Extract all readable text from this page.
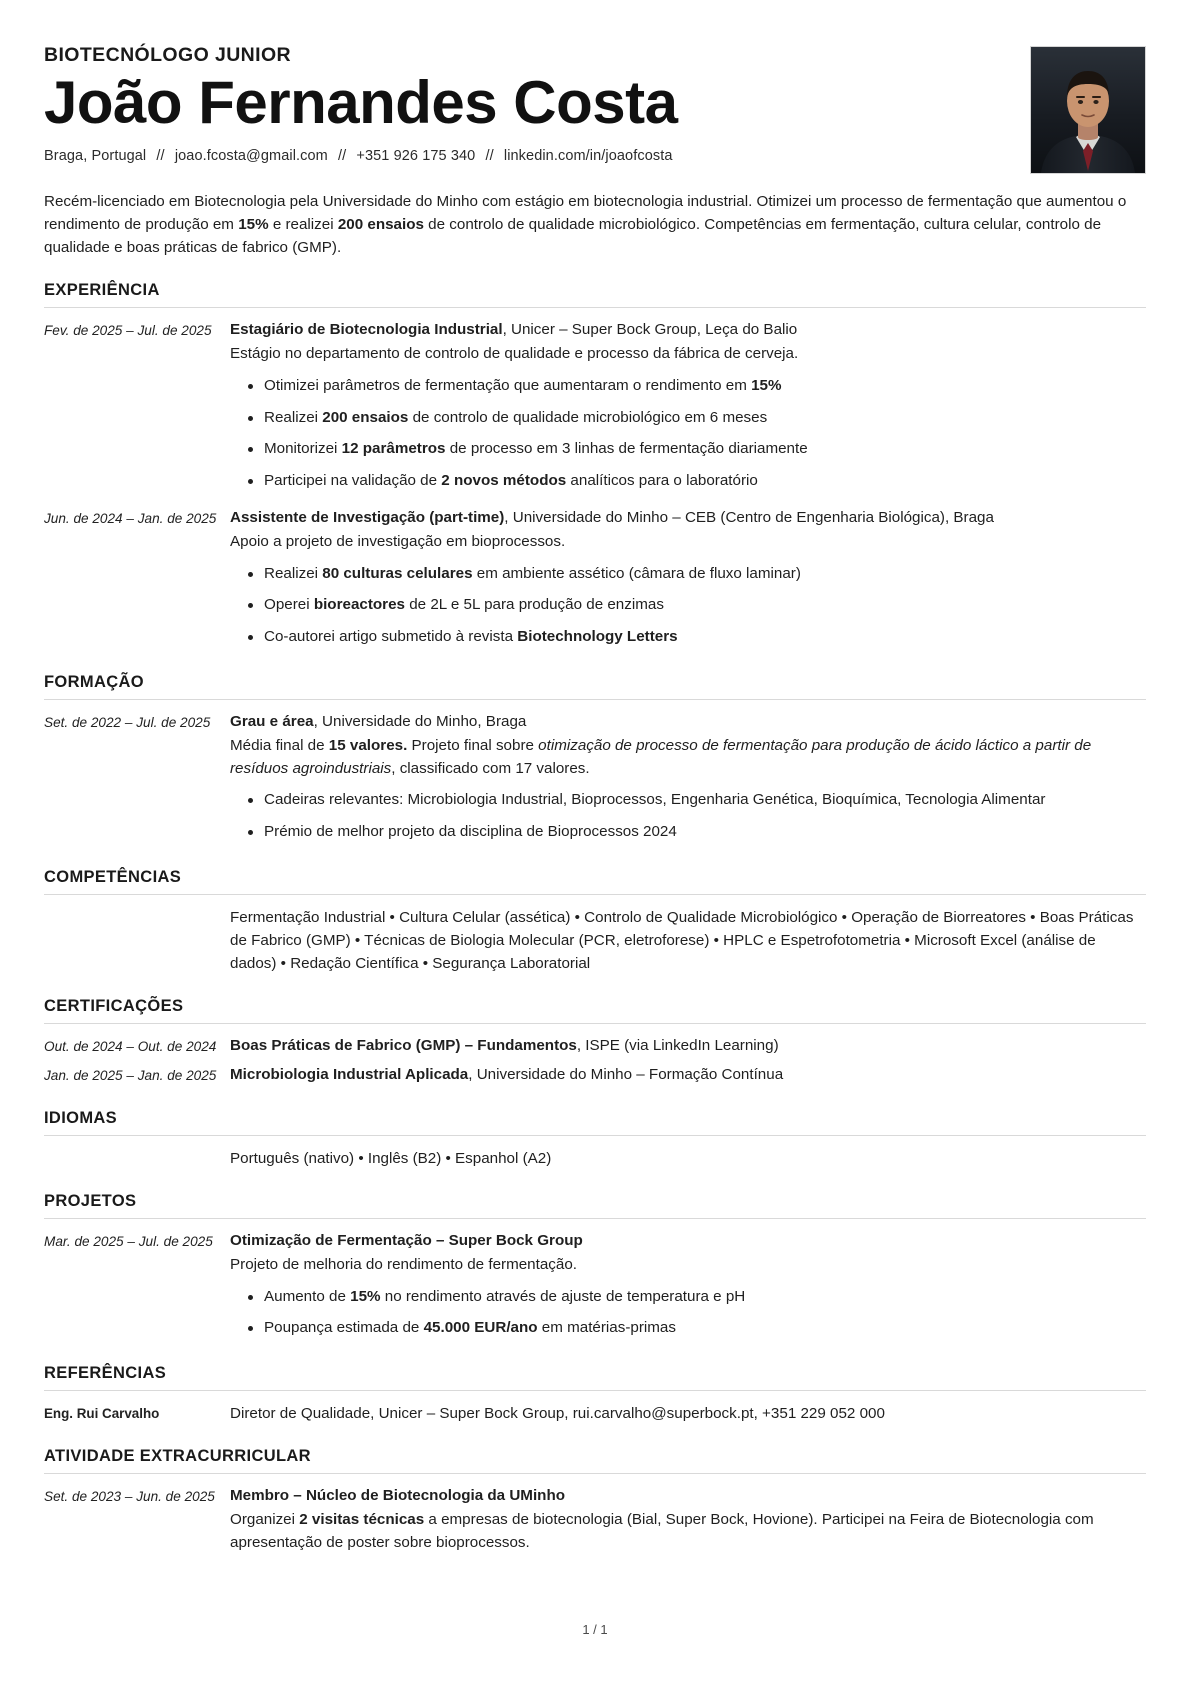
BIOTECNÓLOGO JUNIOR
João Fernandes Costa
Braga, Portugal // joao.fcosta@gmail.com // +351 926 175 340 // linkedin.com/in/joaofcosta

Recém-licenciado em Biotecnologia pela Universidade do Minho com estágio em biotecnologia industrial. Otimizei um processo de fermentação que aumentou o rendimento de produção em 15% e realizei 200 ensaios de controlo de qualidade microbiológico. Competências em fermentação, cultura celular, controlo de qualidade e boas práticas de fabrico (GMP).

EXPERIÊNCIA
Fev. de 2025 – Jul. de 2025	Estagiário de Biotecnologia Industrial, Unicer – Super Bock Group, Leça do Balio

Estágio no departamento de controlo de qualidade e processo da fábrica de cerveja.

Otimizei parâmetros de fermentação que aumentaram o rendimento em 15%
Realizei 200 ensaios de controlo de qualidade microbiológico em 6 meses
Monitorizei 12 parâmetros de processo em 3 linhas de fermentação diariamente
Participei na validação de 2 novos métodos analíticos para o laboratório
Jun. de 2024 – Jan. de 2025 Assistente de Investigação (part-time), Universidade do Minho – CEB (Centro de Engenharia Biológica), Braga

Apoio a projeto de investigação em bioprocessos.

Realizei 80 culturas celulares em ambiente assético (câmara de fluxo laminar)
Operei bioreactores de 2L e 5L para produção de enzimas
Co-autorei artigo submetido à revista Biotechnology Letters
FORMAÇÃO
Set. de 2022 – Jul. de 2025	Grau e área, Universidade do Minho, Braga

Média final de 15 valores. Projeto final sobre otimização de processo de fermentação para produção de ácido láctico a partir de resíduos agroindustriais, classificado com 17 valores.

Cadeiras relevantes: Microbiologia Industrial, Bioprocessos, Engenharia Genética, Bioquímica, Tecnologia Alimentar
Prémio de melhor projeto da disciplina de Bioprocessos 2024
COMPETÊNCIAS
Fermentação Industrial • Cultura Celular (assética) • Controlo de Qualidade Microbiológico • Operação de Biorreatores • Boas Práticas de Fabrico (GMP) • Técnicas de Biologia Molecular (PCR, eletroforese) • HPLC e Espetrofotometria • Microsoft Excel (análise de dados) • Redação Científica • Segurança Laboratorial
CERTIFICAÇÕES
Out. de 2024 – Out. de 2024 Boas Práticas de Fabrico (GMP) – Fundamentos, ISPE (via LinkedIn Learning)

Jan. de 2025 – Jan. de 2025 Microbiologia Industrial Aplicada, Universidade do Minho – Formação Contínua

IDIOMAS
Português (nativo) • Inglês (B2) • Espanhol (A2)
PROJETOS
Mar. de 2025 – Jul. de 2025	Otimização de Fermentação – Super Bock Group

Projeto de melhoria do rendimento de fermentação.

Aumento de 15% no rendimento através de ajuste de temperatura e pH
Poupança estimada de 45.000 EUR/ano em matérias-primas
REFERÊNCIAS
Eng. Rui Carvalho	Diretor de Qualidade, Unicer – Super Bock Group, rui.carvalho@superbock.pt, +351 229 052 000
ATIVIDADE EXTRACURRICULAR
Set. de 2023 – Jun. de 2025 Membro – Núcleo de Biotecnologia da UMinho

Organizei 2 visitas técnicas a empresas de biotecnologia (Bial, Super Bock, Hovione). Participei na Feira de Biotecnologia com apresentação de poster sobre bioprocessos.

1 / 1
